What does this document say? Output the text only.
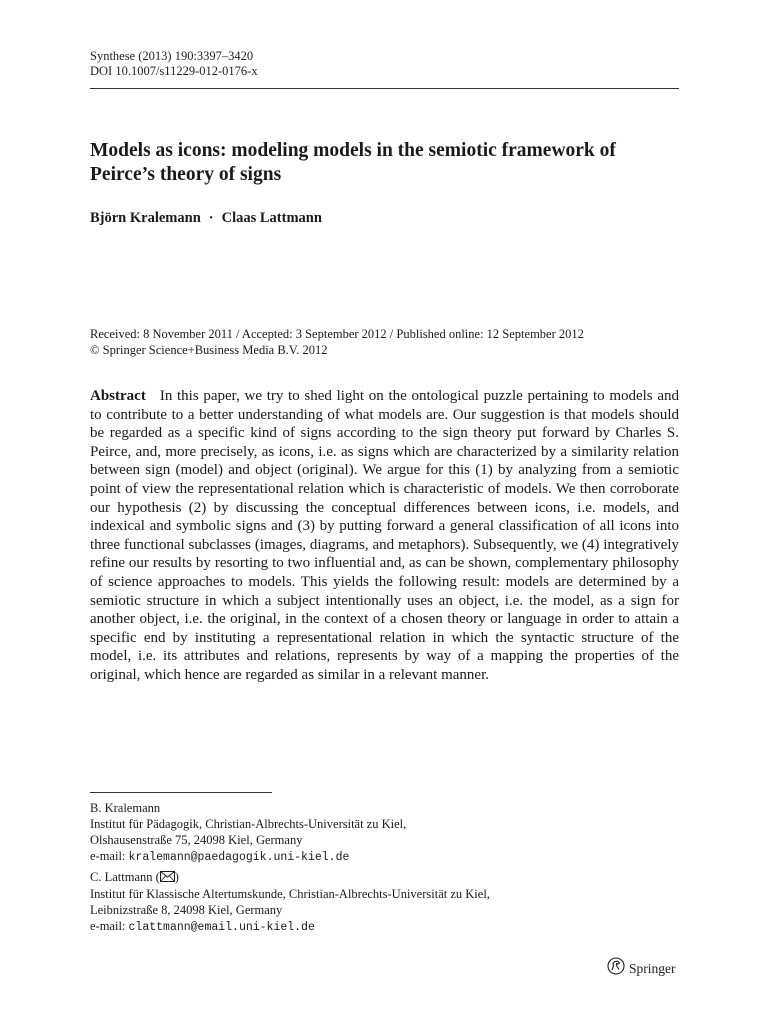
Synthese (2013) 190:3397–3420
DOI 10.1007/s11229-012-0176-x
Models as icons: modeling models in the semiotic framework of Peirce’s theory of signs
Björn Kralemann · Claas Lattmann
Received: 8 November 2011 / Accepted: 3 September 2012 / Published online: 12 September 2012
© Springer Science+Business Media B.V. 2012

Abstract In this paper, we try to shed light on the ontological puzzle pertaining to models and to contribute to a better understanding of what models are. Our suggestion is that models should be regarded as a specific kind of signs according to the sign theory put forward by Charles S. Peirce, and, more precisely, as icons, i.e. as signs which are characterized by a similarity relation between sign (model) and object (original). We argue for this (1) by analyzing from a semiotic point of view the representational relation which is characteristic of models. We then corroborate our hypothesis (2) by discussing the conceptual differences between icons, i.e. models, and indexical and symbolic signs and (3) by putting forward a general classification of all icons into three functional subclasses (images, diagrams, and metaphors). Subsequently, we (4) integratively refine our results by resorting to two influential and, as can be shown, complementary philosophy of science approaches to models. This yields the following result: models are determined by a semiotic structure in which a subject intentionally uses an object, i.e. the model, as a sign for another object, i.e. the original, in the context of a chosen theory or language in order to attain a specific end by instituting a representational relation in which the syntactic structure of the model, i.e. its attributes and relations, represents by way of a mapping the properties of the original, which hence are regarded as similar in a relevant manner.

B. Kralemann
Institut für Pädagogik, Christian-Albrechts-Universität zu Kiel,
Olshausenstraße 75, 24098 Kiel, Germany
e-mail: kralemann@paedagogik.uni-kiel.de
C. Lattmann ( )
Institut für Klassische Altertumskunde, Christian-Albrechts-Universität zu Kiel,
Leibnizstraße 8, 24098 Kiel, Germany
e-mail: clattmann@email.uni-kiel.de
Springer
